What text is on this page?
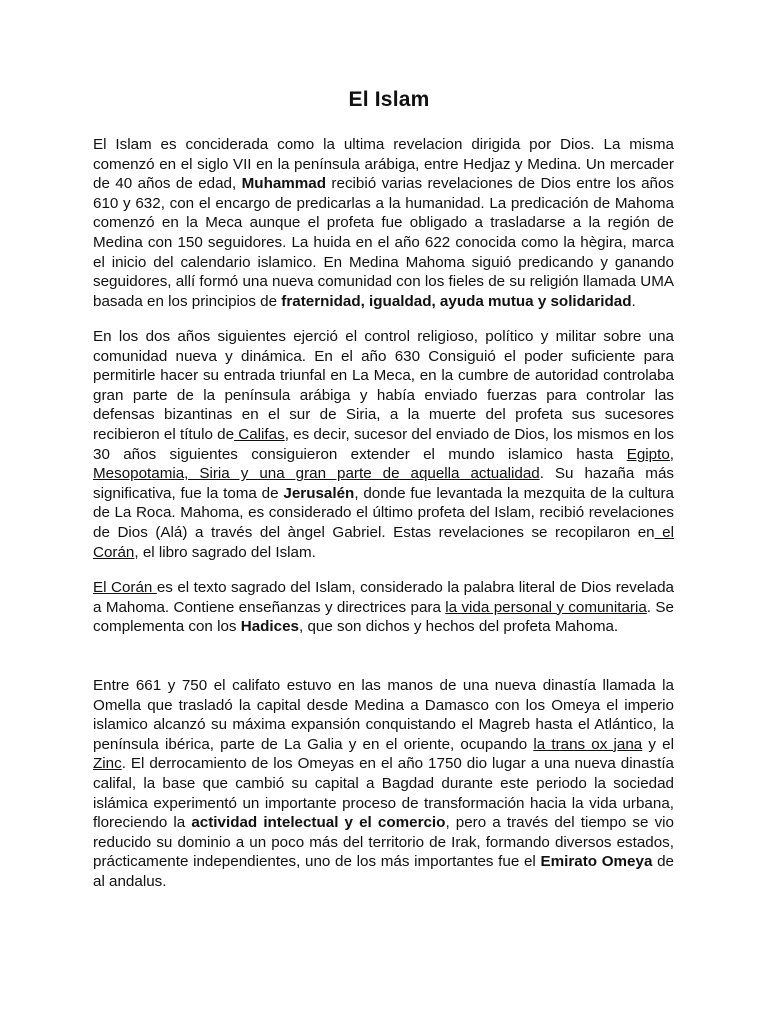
El Islam

El Islam es conciderada como la ultima revelacion dirigida por Dios. La misma comenzó en el siglo VII en la península arábiga, entre Hedjaz y Medina. Un mercader de 40 años de edad, Muhammad recibió varias revelaciones de Dios entre los años 610 y 632, con el encargo de predicarlas a la humanidad. La predicación de Mahoma comenzó en la Meca aunque el profeta fue obligado a trasladarse a la región de Medina con 150 seguidores. La huida en el año 622 conocida como la hègira, marca el inicio del calendario islamico. En Medina Mahoma siguió predicando y ganando seguidores, allí formó una nueva comunidad con los fieles de su religión llamada UMA basada en los principios de fraternidad, igualdad, ayuda mutua y solidaridad.

En los dos años siguientes ejerció el control religioso, político y militar sobre una comunidad nueva y dinámica. En el año 630 Consiguió el poder suficiente para permitirle hacer su entrada triunfal en La Meca, en la cumbre de autoridad controlaba gran parte de la península arábiga y había enviado fuerzas para controlar las defensas bizantinas en el sur de Siria, a la muerte del profeta sus sucesores recibieron el título de Califas, es decir, sucesor del enviado de Dios, los mismos en los 30 años siguientes consiguieron extender el mundo islamico hasta Egipto, Mesopotamia, Siria y una gran parte de aquella actualidad. Su hazaña más significativa, fue la toma de Jerusalén, donde fue levantada la mezquita de la cultura de La Roca. Mahoma, es considerado el último profeta del Islam, recibió revelaciones de Dios (Alá) a través del àngel Gabriel. Estas revelaciones se recopilaron en el Corán, el libro sagrado del Islam.

El Corán es el texto sagrado del Islam, considerado la palabra literal de Dios revelada a Mahoma. Contiene enseñanzas y directrices para la vida personal y comunitaria. Se complementa con los Hadices, que son dichos y hechos del profeta Mahoma.

Entre 661 y 750 el califato estuvo en las manos de una nueva dinastía llamada la Omella que trasladó la capital desde Medina a Damasco con los Omeya el imperio islamico alcanzó su máxima expansión conquistando el Magreb hasta el Atlántico, la península ibérica, parte de La Galia y en el oriente, ocupando la trans ox jana y el Zinc. El derrocamiento de los Omeyas en el año 1750 dio lugar a una nueva dinastía califal, la base que cambió su capital a Bagdad durante este periodo la sociedad islámica experimentó un importante proceso de transformación hacia la vida urbana, floreciendo la actividad intelectual y el comercio, pero a través del tiempo se vio reducido su dominio a un poco más del territorio de Irak, formando diversos estados, prácticamente independientes, uno de los más importantes fue el Emirato Omeya de al andalus.
